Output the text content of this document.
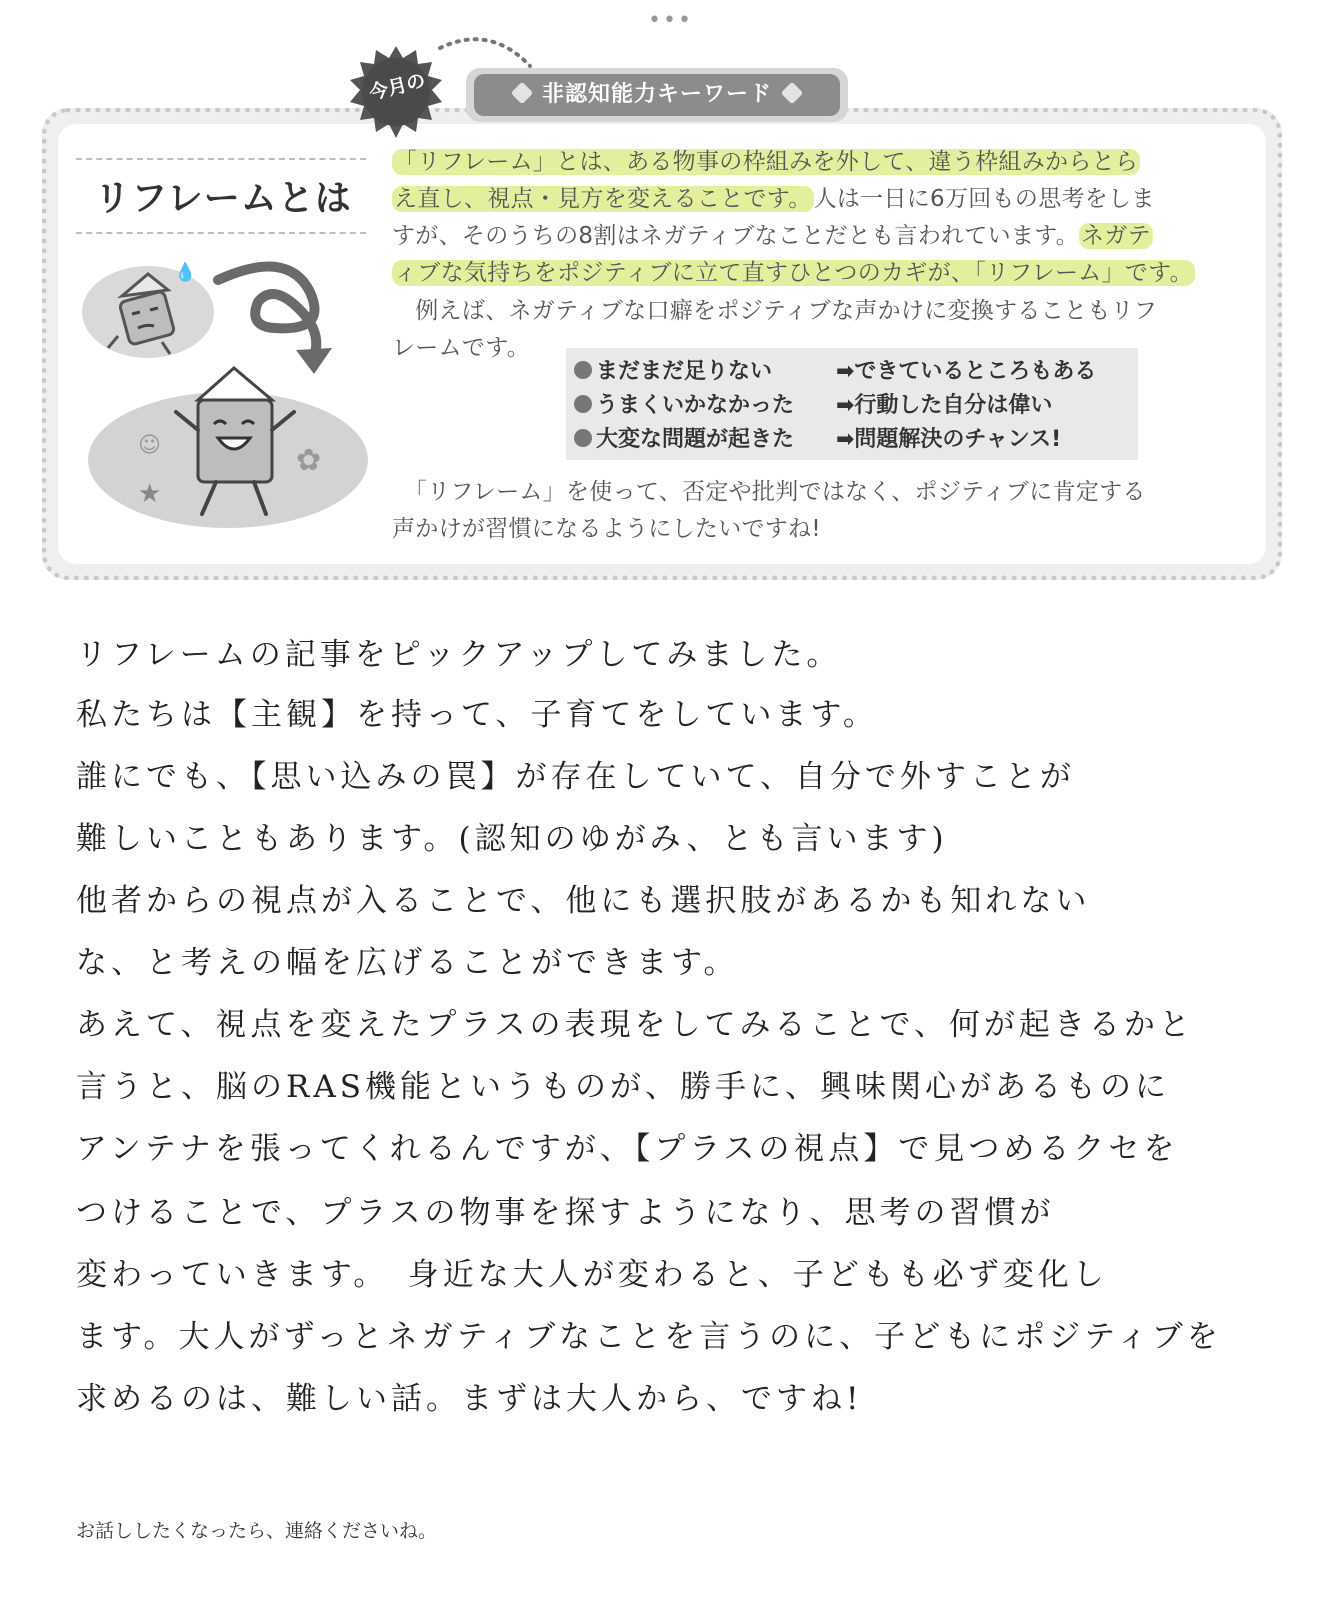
•••
今月の	非認知能力キーワード
リフレームとは
💧
★
✿
☺
「リフレーム」とは、ある物事の枠組みを外して、違う枠組みからとら
え直し、視点・見方を変えることです。人は一日に6万回もの思考をしま
すが、そのうちの8割はネガティブなことだとも言われています。ネガテ
ィブな気持ちをポジティブに立て直すひとつのカギが、「リフレーム」です。
　例えば、ネガティブな口癖をポジティブな声かけに変換することもリフ
レームです。
まだまだ足りない	➡できているところもある
うまくいかなかった ➡行動した自分は偉い
大変な問題が起きた ➡問題解決のチャンス!
　「リフレーム」を使って、否定や批判ではなく、ポジティブに肯定する
声かけが習慣になるようにしたいですね!
リフレームの記事をピックアップしてみました。
私たちは【主観】を持って、子育てをしています。
誰にでも、【思い込みの罠】が存在していて、自分で外すことが
難しいこともあります。(認知のゆがみ、とも言います)
他者からの視点が入ることで、他にも選択肢があるかも知れない
な、と考えの幅を広げることができます。
あえて、視点を変えたプラスの表現をしてみることで、何が起きるかと
言うと、脳のRAS機能というものが、勝手に、興味関心があるものに
アンテナを張ってくれるんですが、【プラスの視点】で見つめるクセを
つけることで、プラスの物事を探すようになり、思考の習慣が
変わっていきます。　身近な大人が変わると、子どもも必ず変化し
ます。大人がずっとネガティブなことを言うのに、子どもにポジティブを
求めるのは、難しい話。まずは大人から、ですね!
お話ししたくなったら、連絡くださいね。
